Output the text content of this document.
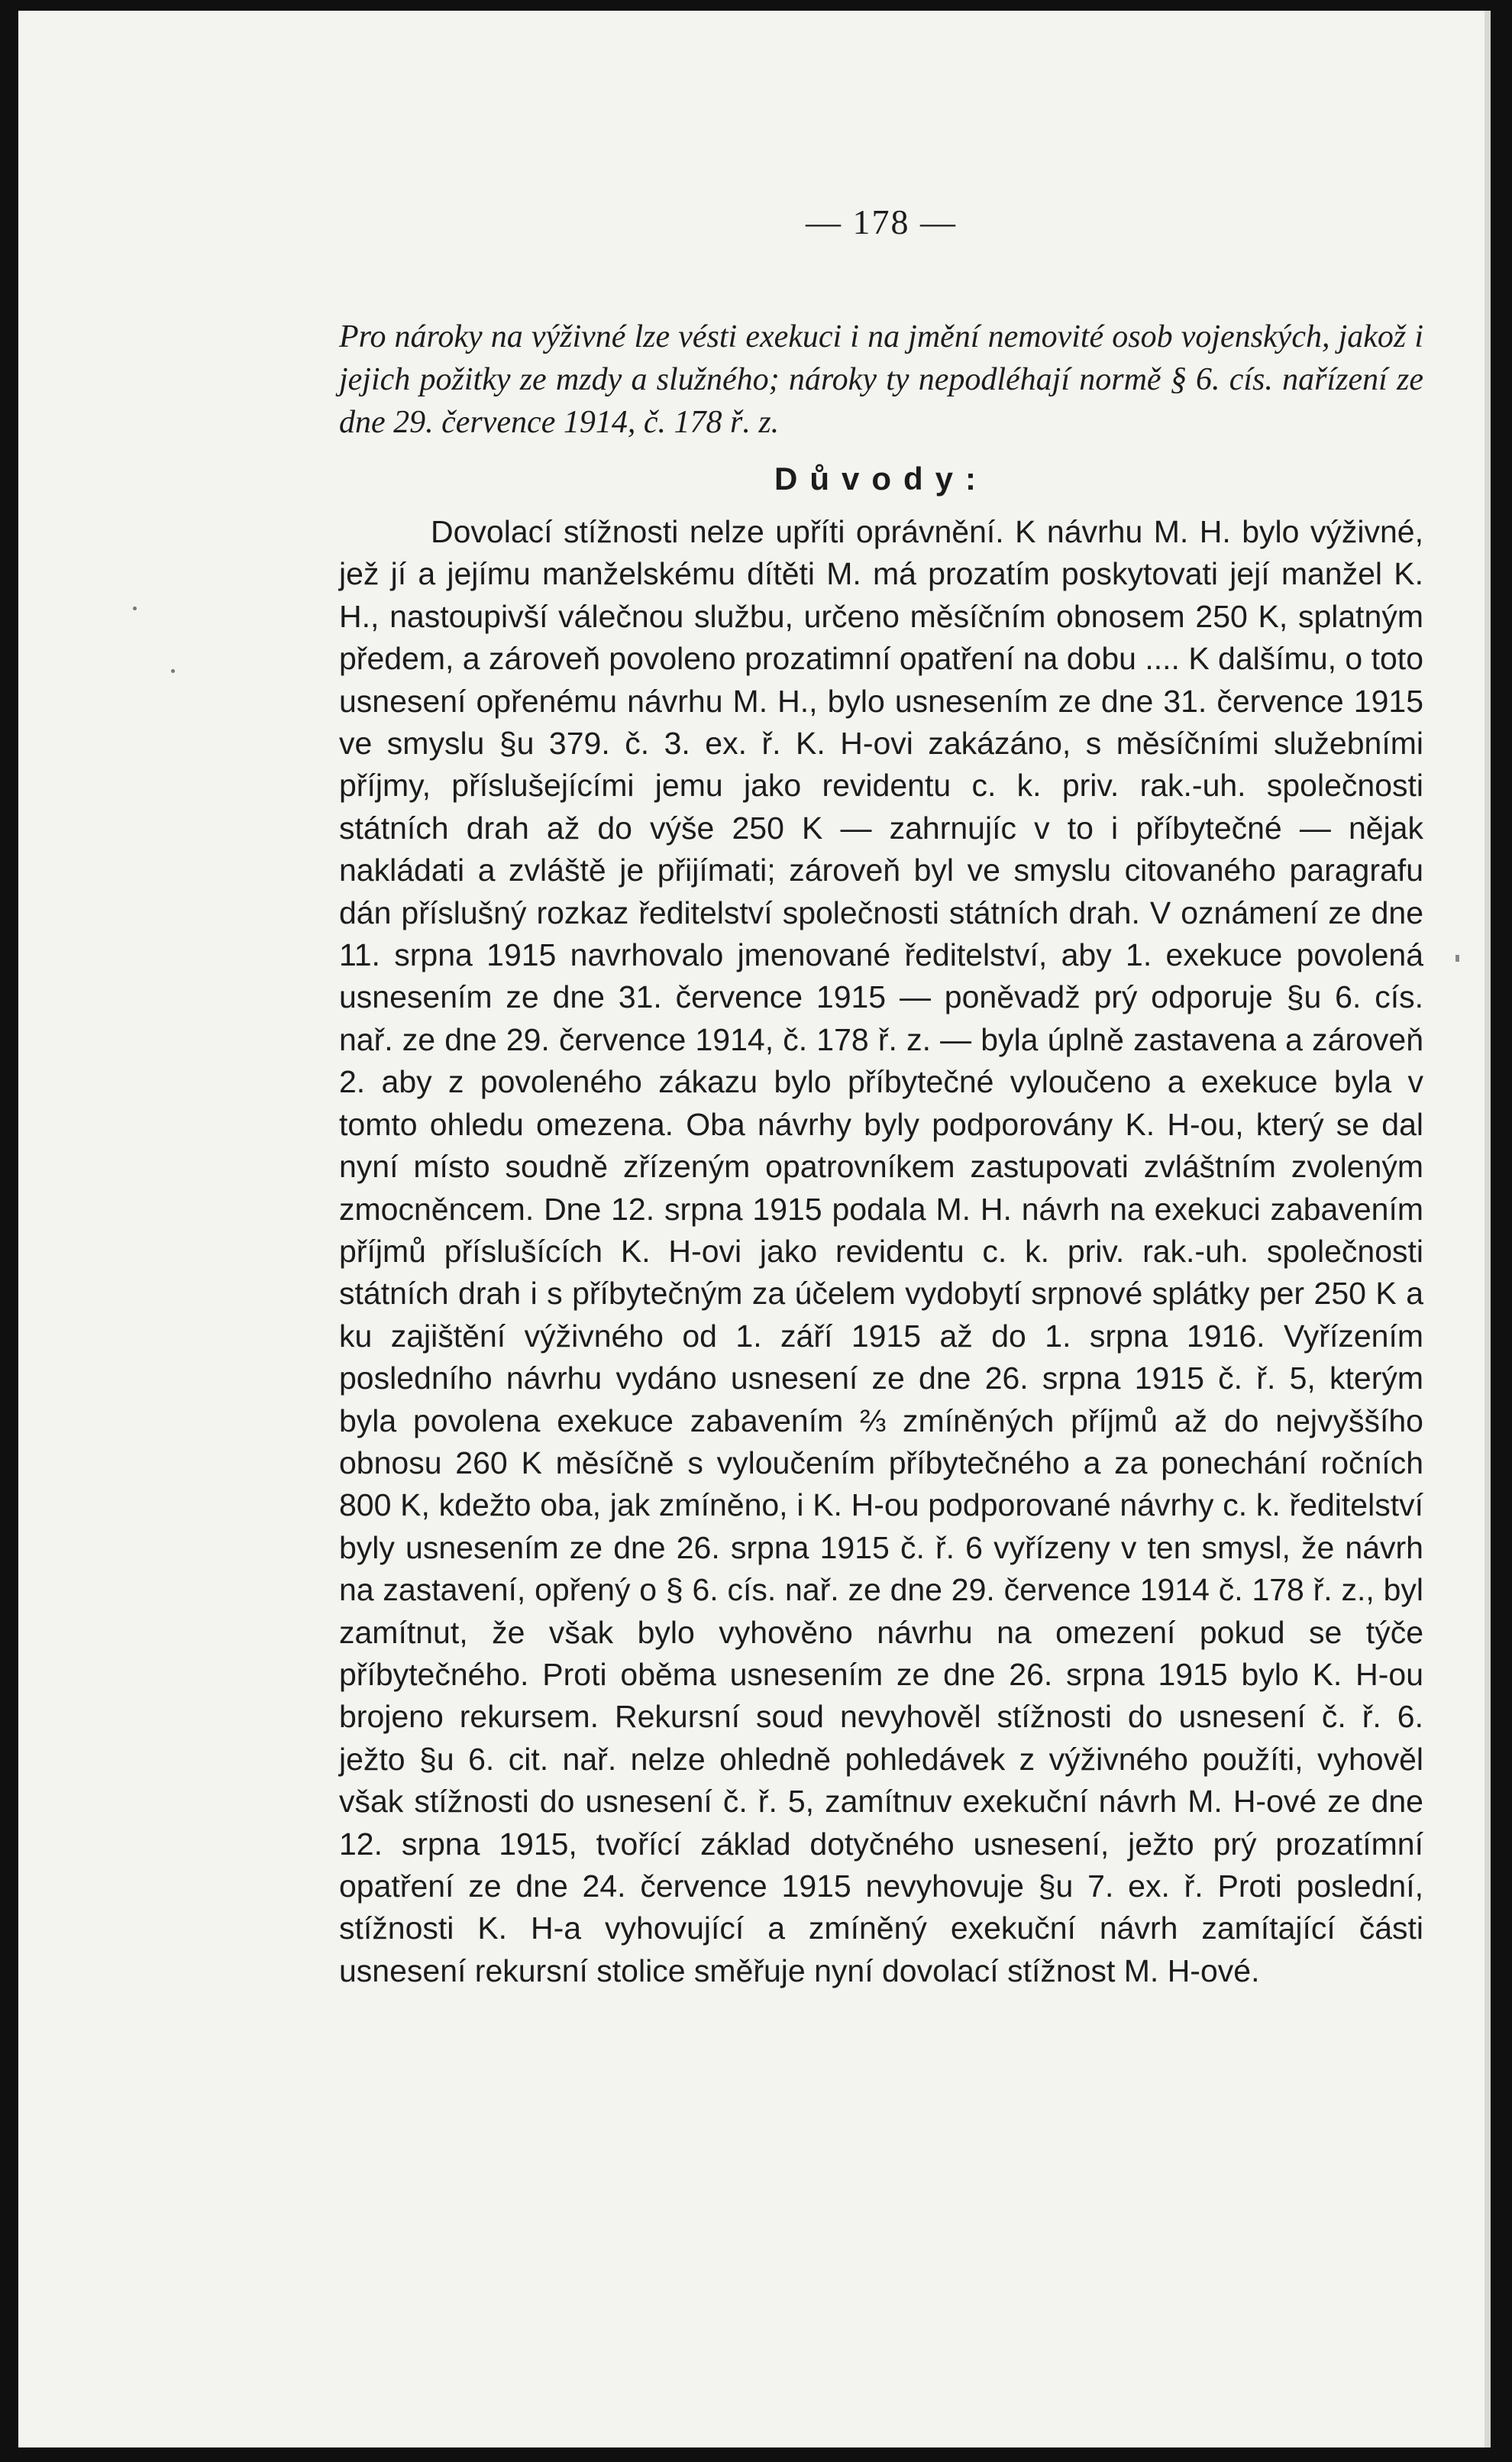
— 178 —

Pro nároky na výživné lze vésti exekuci i na jmění nemovité osob vojenských, jakož i jejich požitky ze mzdy a služného; nároky ty nepodléhají normě § 6. cís. nařízení ze dne 29. července 1914, č. 178 ř. z.

Důvody:

Dovolací stížnosti nelze upříti oprávnění. K návrhu M. H. bylo výživné, jež jí a jejímu manželskému dítěti M. má prozatím poskytovati její manžel K. H., nastoupivší válečnou službu, určeno měsíčním obnosem 250 K, splatným předem, a zároveň povoleno prozatimní opatření na dobu .... K dalšímu, o toto usnesení opřenému návrhu M. H., bylo usnesením ze dne 31. července 1915 ve smyslu §u 379. č. 3. ex. ř. K. H-ovi zakázáno, s měsíčními služebními příjmy, příslušejícími jemu jako revidentu c. k. priv. rak.-uh. společnosti státních drah až do výše 250 K — zahrnujíc v to i příbytečné — nějak nakládati a zvláště je přijímati; zároveň byl ve smyslu citovaného paragrafu dán příslušný rozkaz ředitelství společnosti státních drah. V oznámení ze dne 11. srpna 1915 navrhovalo jmenované ředitelství, aby 1. exekuce povolená usnesením ze dne 31. července 1915 — poněvadž prý odporuje §u 6. cís. nař. ze dne 29. července 1914, č. 178 ř. z. — byla úplně zastavena a zároveň 2. aby z povoleného zákazu bylo příbytečné vyloučeno a exekuce byla v tomto ohledu omezena. Oba návrhy byly podporovány K. H-ou, který se dal nyní místo soudně zřízeným opatrovníkem zastupovati zvláštním zvoleným zmocněncem. Dne 12. srpna 1915 podala M. H. návrh na exekuci zabavením příjmů příslušících K. H-ovi jako revidentu c. k. priv. rak.-uh. společnosti státních drah i s příbytečným za účelem vydobytí srpnové splátky per 250 K a ku zajištění výživného od 1. září 1915 až do 1. srpna 1916. Vyřízením posledního návrhu vydáno usnesení ze dne 26. srpna 1915 č. ř. 5, kterým byla povolena exekuce zabavením ⅔ zmíněných příjmů až do nejvyššího obnosu 260 K měsíčně s vyloučením příbytečného a za ponechání ročních 800 K, kdežto oba, jak zmíněno, i K. H-ou podporované návrhy c. k. ředitelství byly usnesením ze dne 26. srpna 1915 č. ř. 6 vyřízeny v ten smysl, že návrh na zastavení, opřený o § 6. cís. nař. ze dne 29. července 1914 č. 178 ř. z., byl zamítnut, že však bylo vyhověno návrhu na omezení pokud se týče příbytečného. Proti oběma usnesením ze dne 26. srpna 1915 bylo K. H-ou brojeno rekursem. Rekursní soud nevyhověl stížnosti do usnesení č. ř. 6. ježto §u 6. cit. nař. nelze ohledně pohledávek z výživného použíti, vyhověl však stížnosti do usnesení č. ř. 5, zamítnuv exekuční návrh M. H-ové ze dne 12. srpna 1915, tvořící základ dotyčného usnesení, ježto prý prozatímní opatření ze dne 24. července 1915 nevyhovuje §u 7. ex. ř. Proti poslední, stížnosti K. H-a vyhovující a zmíněný exekuční návrh zamítající části usnesení rekursní stolice směřuje nyní dovolací stížnost M. H-ové.
